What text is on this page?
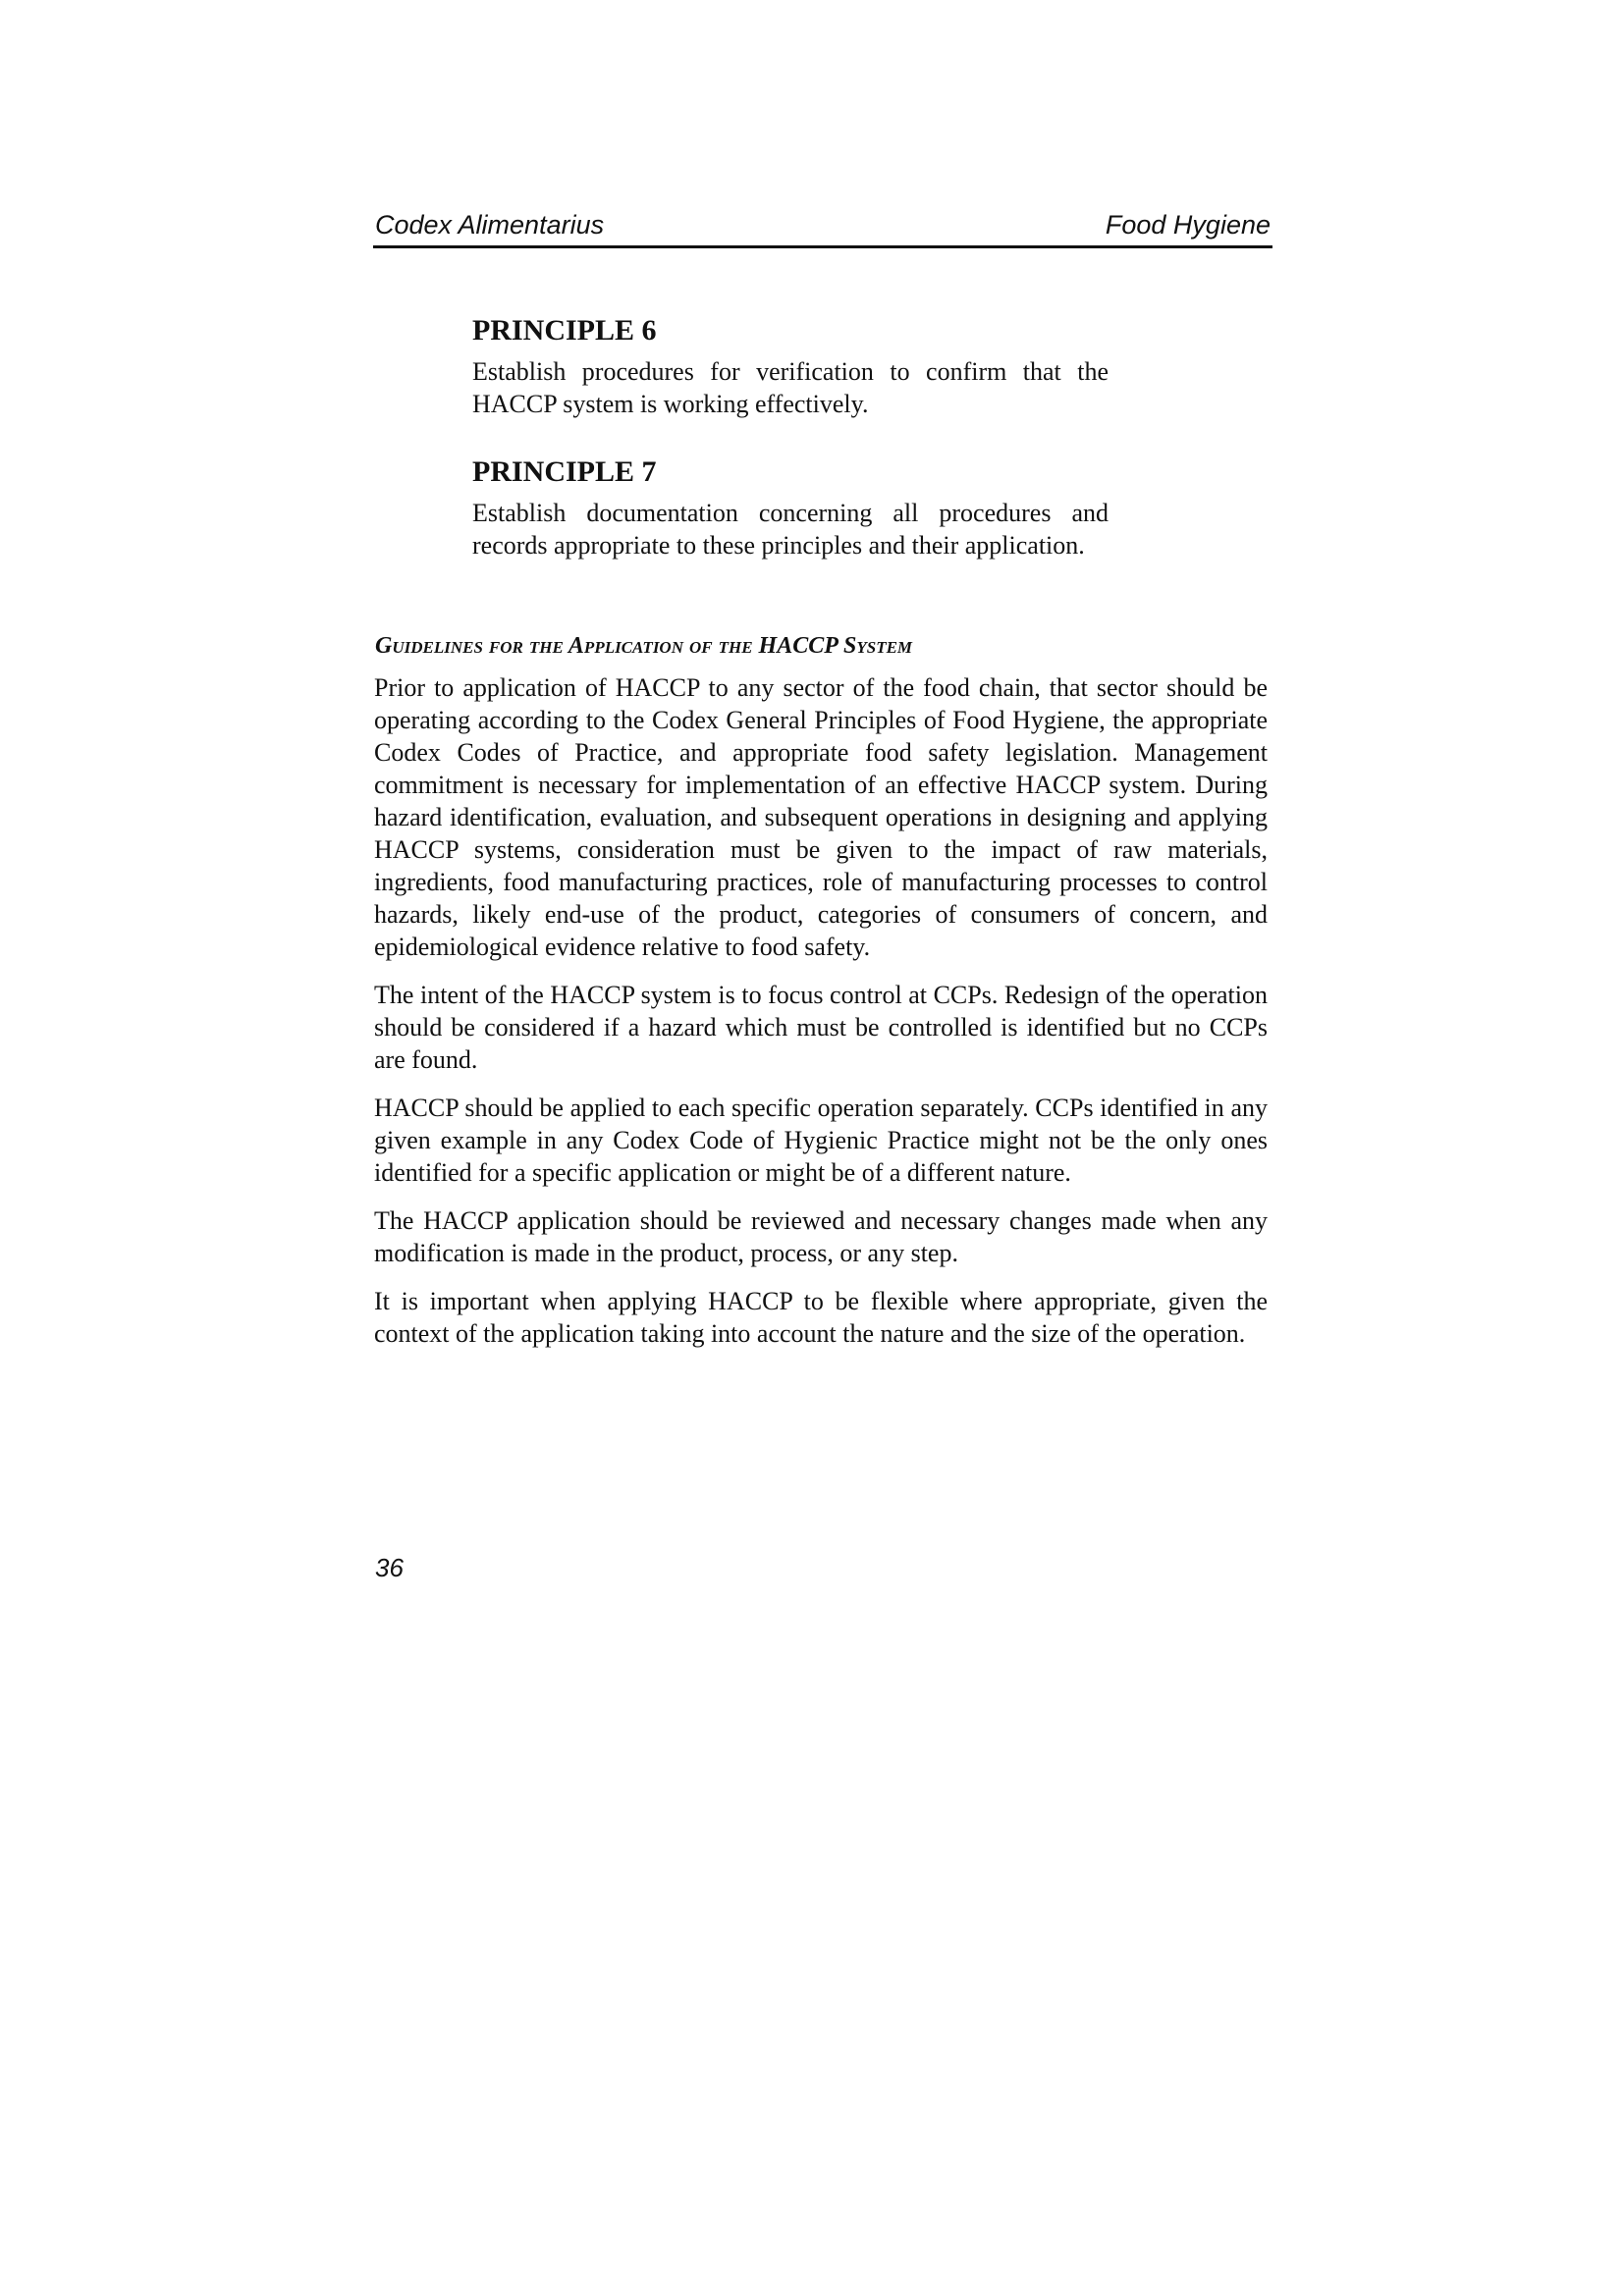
Codex Alimentarius	Food Hygiene
PRINCIPLE 6

Establish procedures for verification to confirm that the HACCP system is working effectively.

PRINCIPLE 7

Establish documentation concerning all procedures and records appropriate to these principles and their application.

Guidelines for the Application of the HACCP System

Prior to application of HACCP to any sector of the food chain, that sector should be operating according to the Codex General Principles of Food Hygiene, the appropriate Codex Codes of Practice, and appropriate food safety legislation. Management commitment is necessary for implementation of an effective HACCP system. During hazard identification, evaluation, and subsequent operations in designing and applying HACCP systems, consideration must be given to the impact of raw materials, ingredients, food manufacturing practices, role of manufacturing processes to control hazards, likely end-use of the product, categories of consumers of concern, and epidemiological evidence relative to food safety.

The intent of the HACCP system is to focus control at CCPs. Redesign of the operation should be considered if a hazard which must be controlled is identified but no CCPs are found.

HACCP should be applied to each specific operation separately. CCPs identified in any given example in any Codex Code of Hygienic Practice might not be the only ones identified for a specific application or might be of a different nature.

The HACCP application should be reviewed and necessary changes made when any modification is made in the product, process, or any step.

It is important when applying HACCP to be flexible where appropriate, given the context of the application taking into account the nature and the size of the operation.

36
